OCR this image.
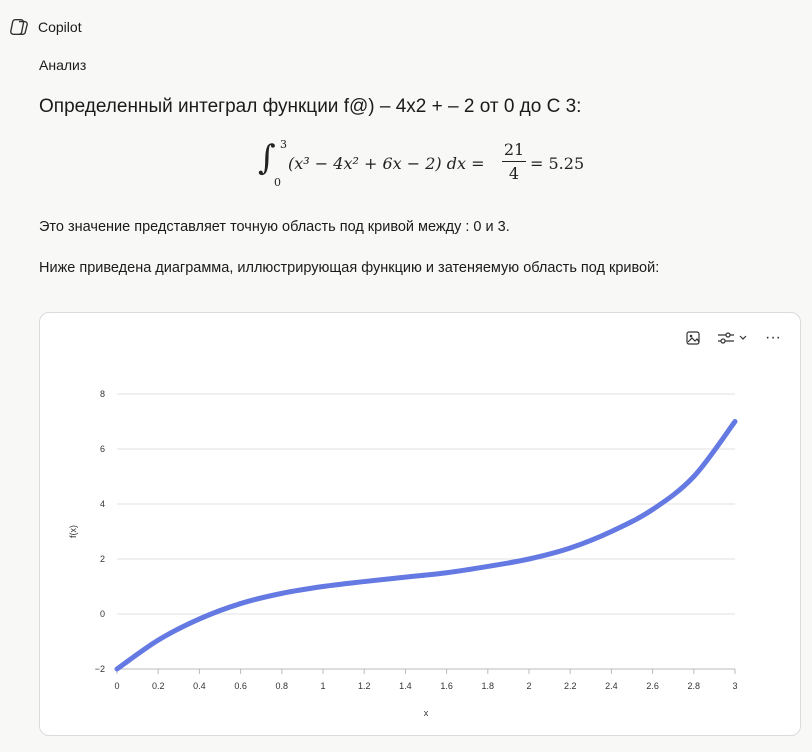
Copilot
Анализ
Определенный интеграл функции f@) – 4x2 + – 2 от 0 до С 3:
∫ 3
0
(x³ − 4x² + 6x − 2) dx =
21
4
= 5.25
Это значение представляет точную область под кривой между : 0 и 3.
Ниже приведена диаграмма, иллюстрирующая функцию и затеняемую область под кривой:
···
−2
0
2
4
6
8
0	0.2	0.4	0.6	0.8	1	1.2	1.4	1.6	1.8	2	2.2	2.4	2.6	2.8	3
x
f(x)
